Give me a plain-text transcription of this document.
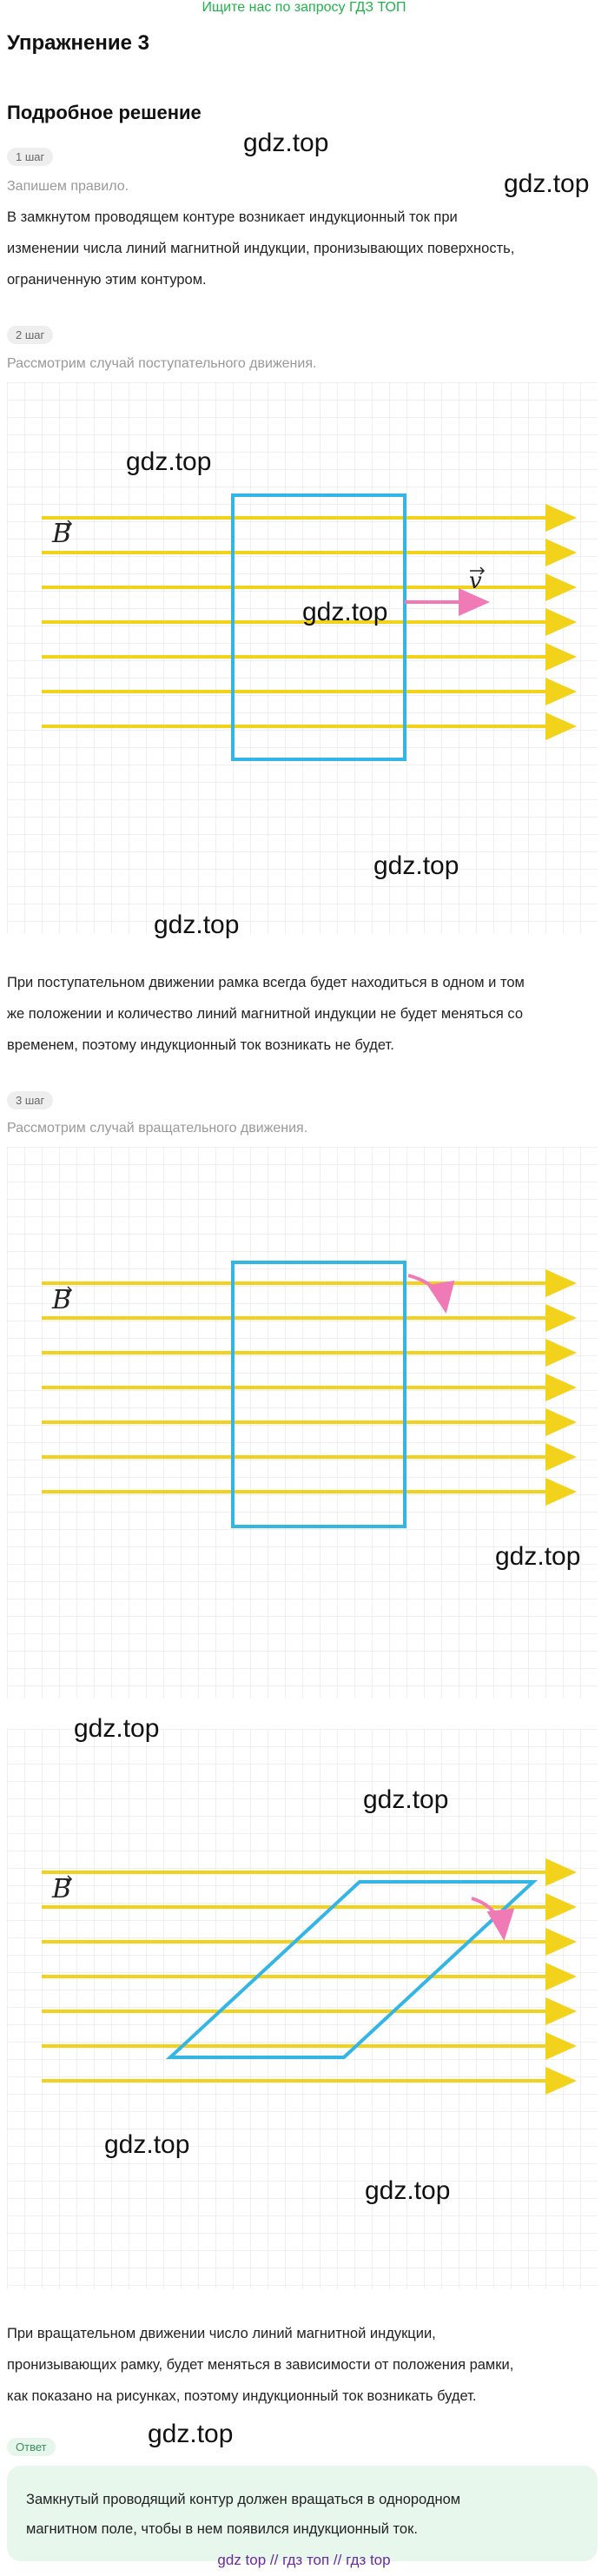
Ищите нас по запросу ГДЗ ТОП
Упражнение 3
Подробное решение
1 шаг
Запишем правило.
В замкнутом проводящем контуре возникает индукционный ток при
изменении числа линий магнитной индукции, пронизывающих поверхность,
ограниченную этим контуром.
2 шаг
Рассмотрим случай поступательного движения.
B
v
При поступательном движении рамка всегда будет находиться в одном и том
же положении и количество линий магнитной индукции не будет меняться со
временем, поэтому индукционный ток возникать не будет.
3 шаг
Рассмотрим случай вращательного движения.
B
B
При вращательном движении число линий магнитной индукции,
пронизывающих рамку, будет меняться в зависимости от положения рамки,
как показано на рисунках, поэтому индукционный ток возникать будет.
Ответ
Замкнутый проводящий контур должен вращаться в однородном
магнитном поле, чтобы в нем появился индукционный ток.
gdz top // гдз топ // гдз top
gdz.top
gdz.top
gdz.top
gdz.top
gdz.top
gdz.top
gdz.top
gdz.top
gdz.top
gdz.top
gdz.top
gdz.top
